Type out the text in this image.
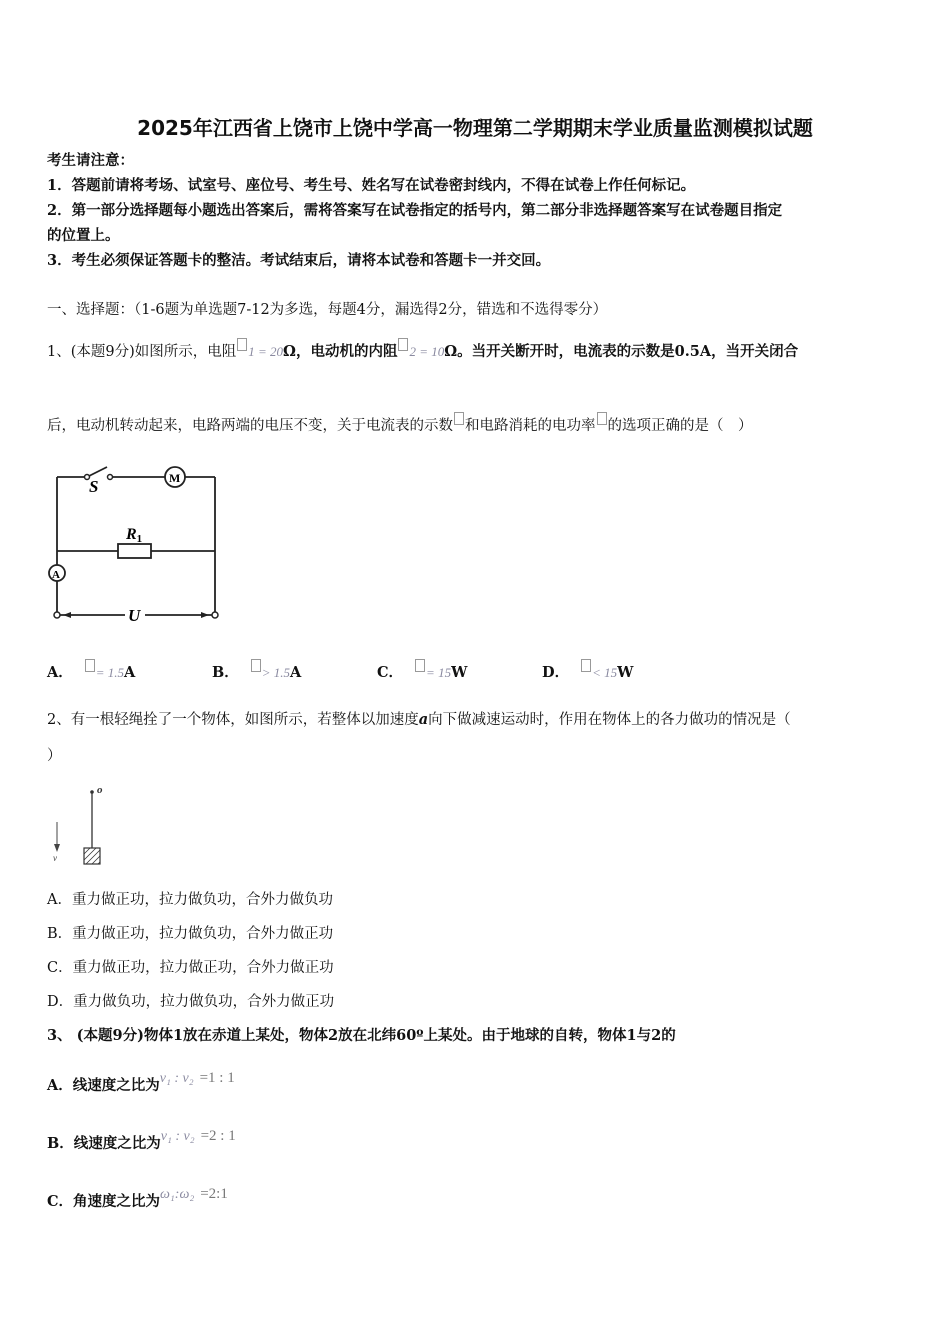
2025年江西省上饶市上饶中学高一物理第二学期期末学业质量监测模拟试题
考生请注意：
1．答题前请将考场、试室号、座位号、考生号、姓名写在试卷密封线内，不得在试卷上作任何标记。
2．第一部分选择题每小题选出答案后，需将答案写在试卷指定的括号内，第二部分非选择题答案写在试卷题目指定
的位置上。
3．考生必须保证答题卡的整洁。考试结束后，请将本试卷和答题卡一并交回。
一、选择题：（1-6题为单选题7-12为多选，每题4分，漏选得2分，错选和不选得零分）
1、(本题9分)如图所示，电阻 1 = 20Ω，电动机的内阻 2 = 10Ω。当开关断开时，电流表的示数是0.5A，当开关闭合
后，电动机转动起来，电路两端的电压不变，关于电流表的示数 和电路消耗的电功率 的选项正确的是（　）
S	M
R1
A
U
A． = 1.5A	B． > 1.5A	C． = 15W	D． < 15W
2、有一根轻绳拴了一个物体，如图所示，若整体以加速度a向下做减速运动时，作用在物体上的各力做功的情况是（
）
v
o
A．重力做正功，拉力做负功，合外力做负功
B．重力做正功，拉力做负功，合外力做正功
C．重力做正功，拉力做正功，合外力做正功
D．重力做负功，拉力做负功，合外力做正功
3、 (本题9分)物体1放在赤道上某处，物体2放在北纬60º上某处。由于地球的自转，物体1与2的
A．线速度之比为v₁ : v₂ =1 : 1
B．线速度之比为v₁ : v₂ =2 : 1
C．角速度之比为ω₁:ω₂ =2:1
